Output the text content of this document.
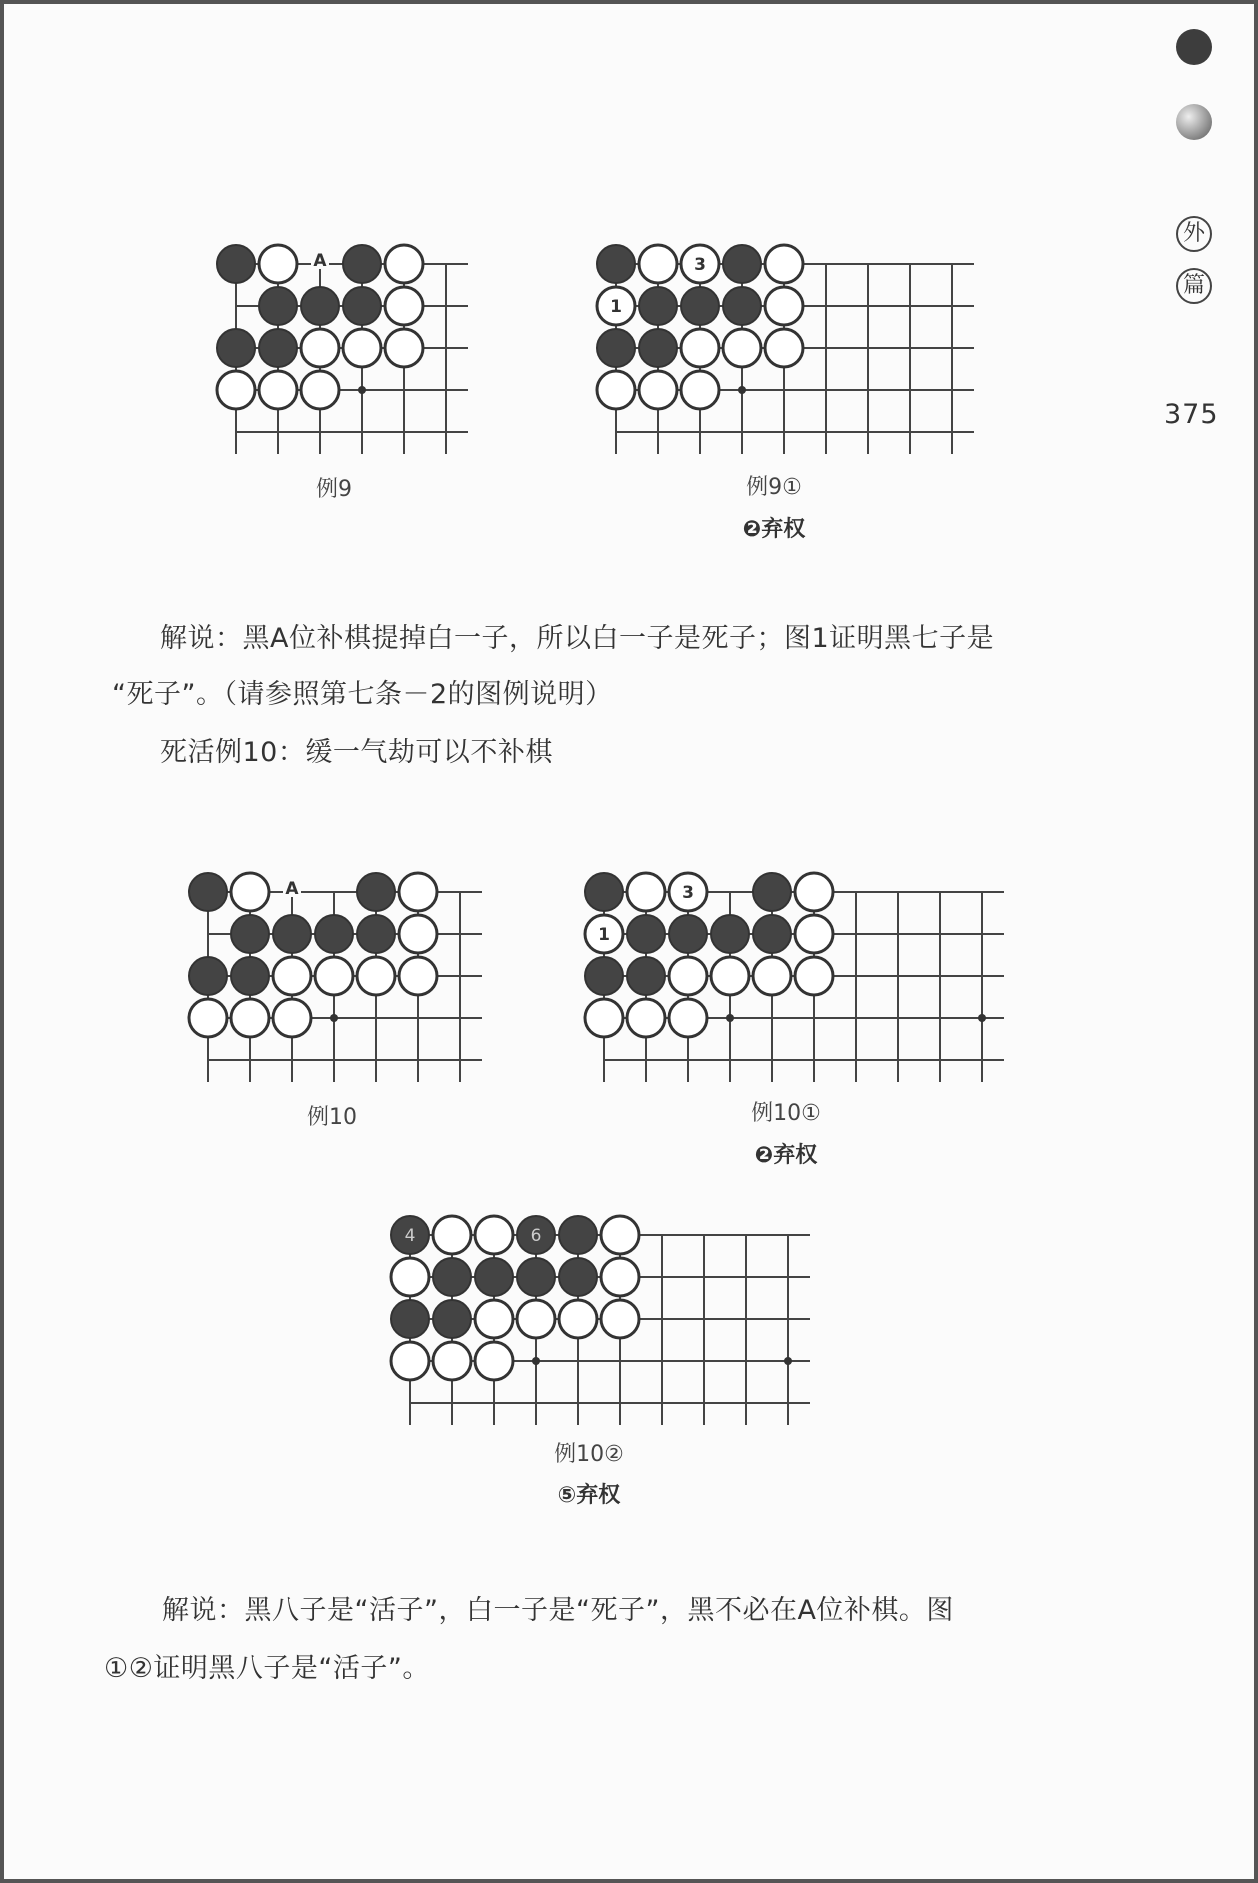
外
篇
375
A
例9
3
1
例9①
❷弃权
解说：黑A位补棋提掉白一子，所以白一子是死子；图1证明黑七子是
“死子”。（请参照第七条－2的图例说明）
死活例10：缓一气劫可以不补棋
A
例10
3
1
例10①
❷弃权
4	6
例10②
⑤弃权
解说：黑八子是“活子”，白一子是“死子”，黑不必在A位补棋。图
①②证明黑八子是“活子”。
